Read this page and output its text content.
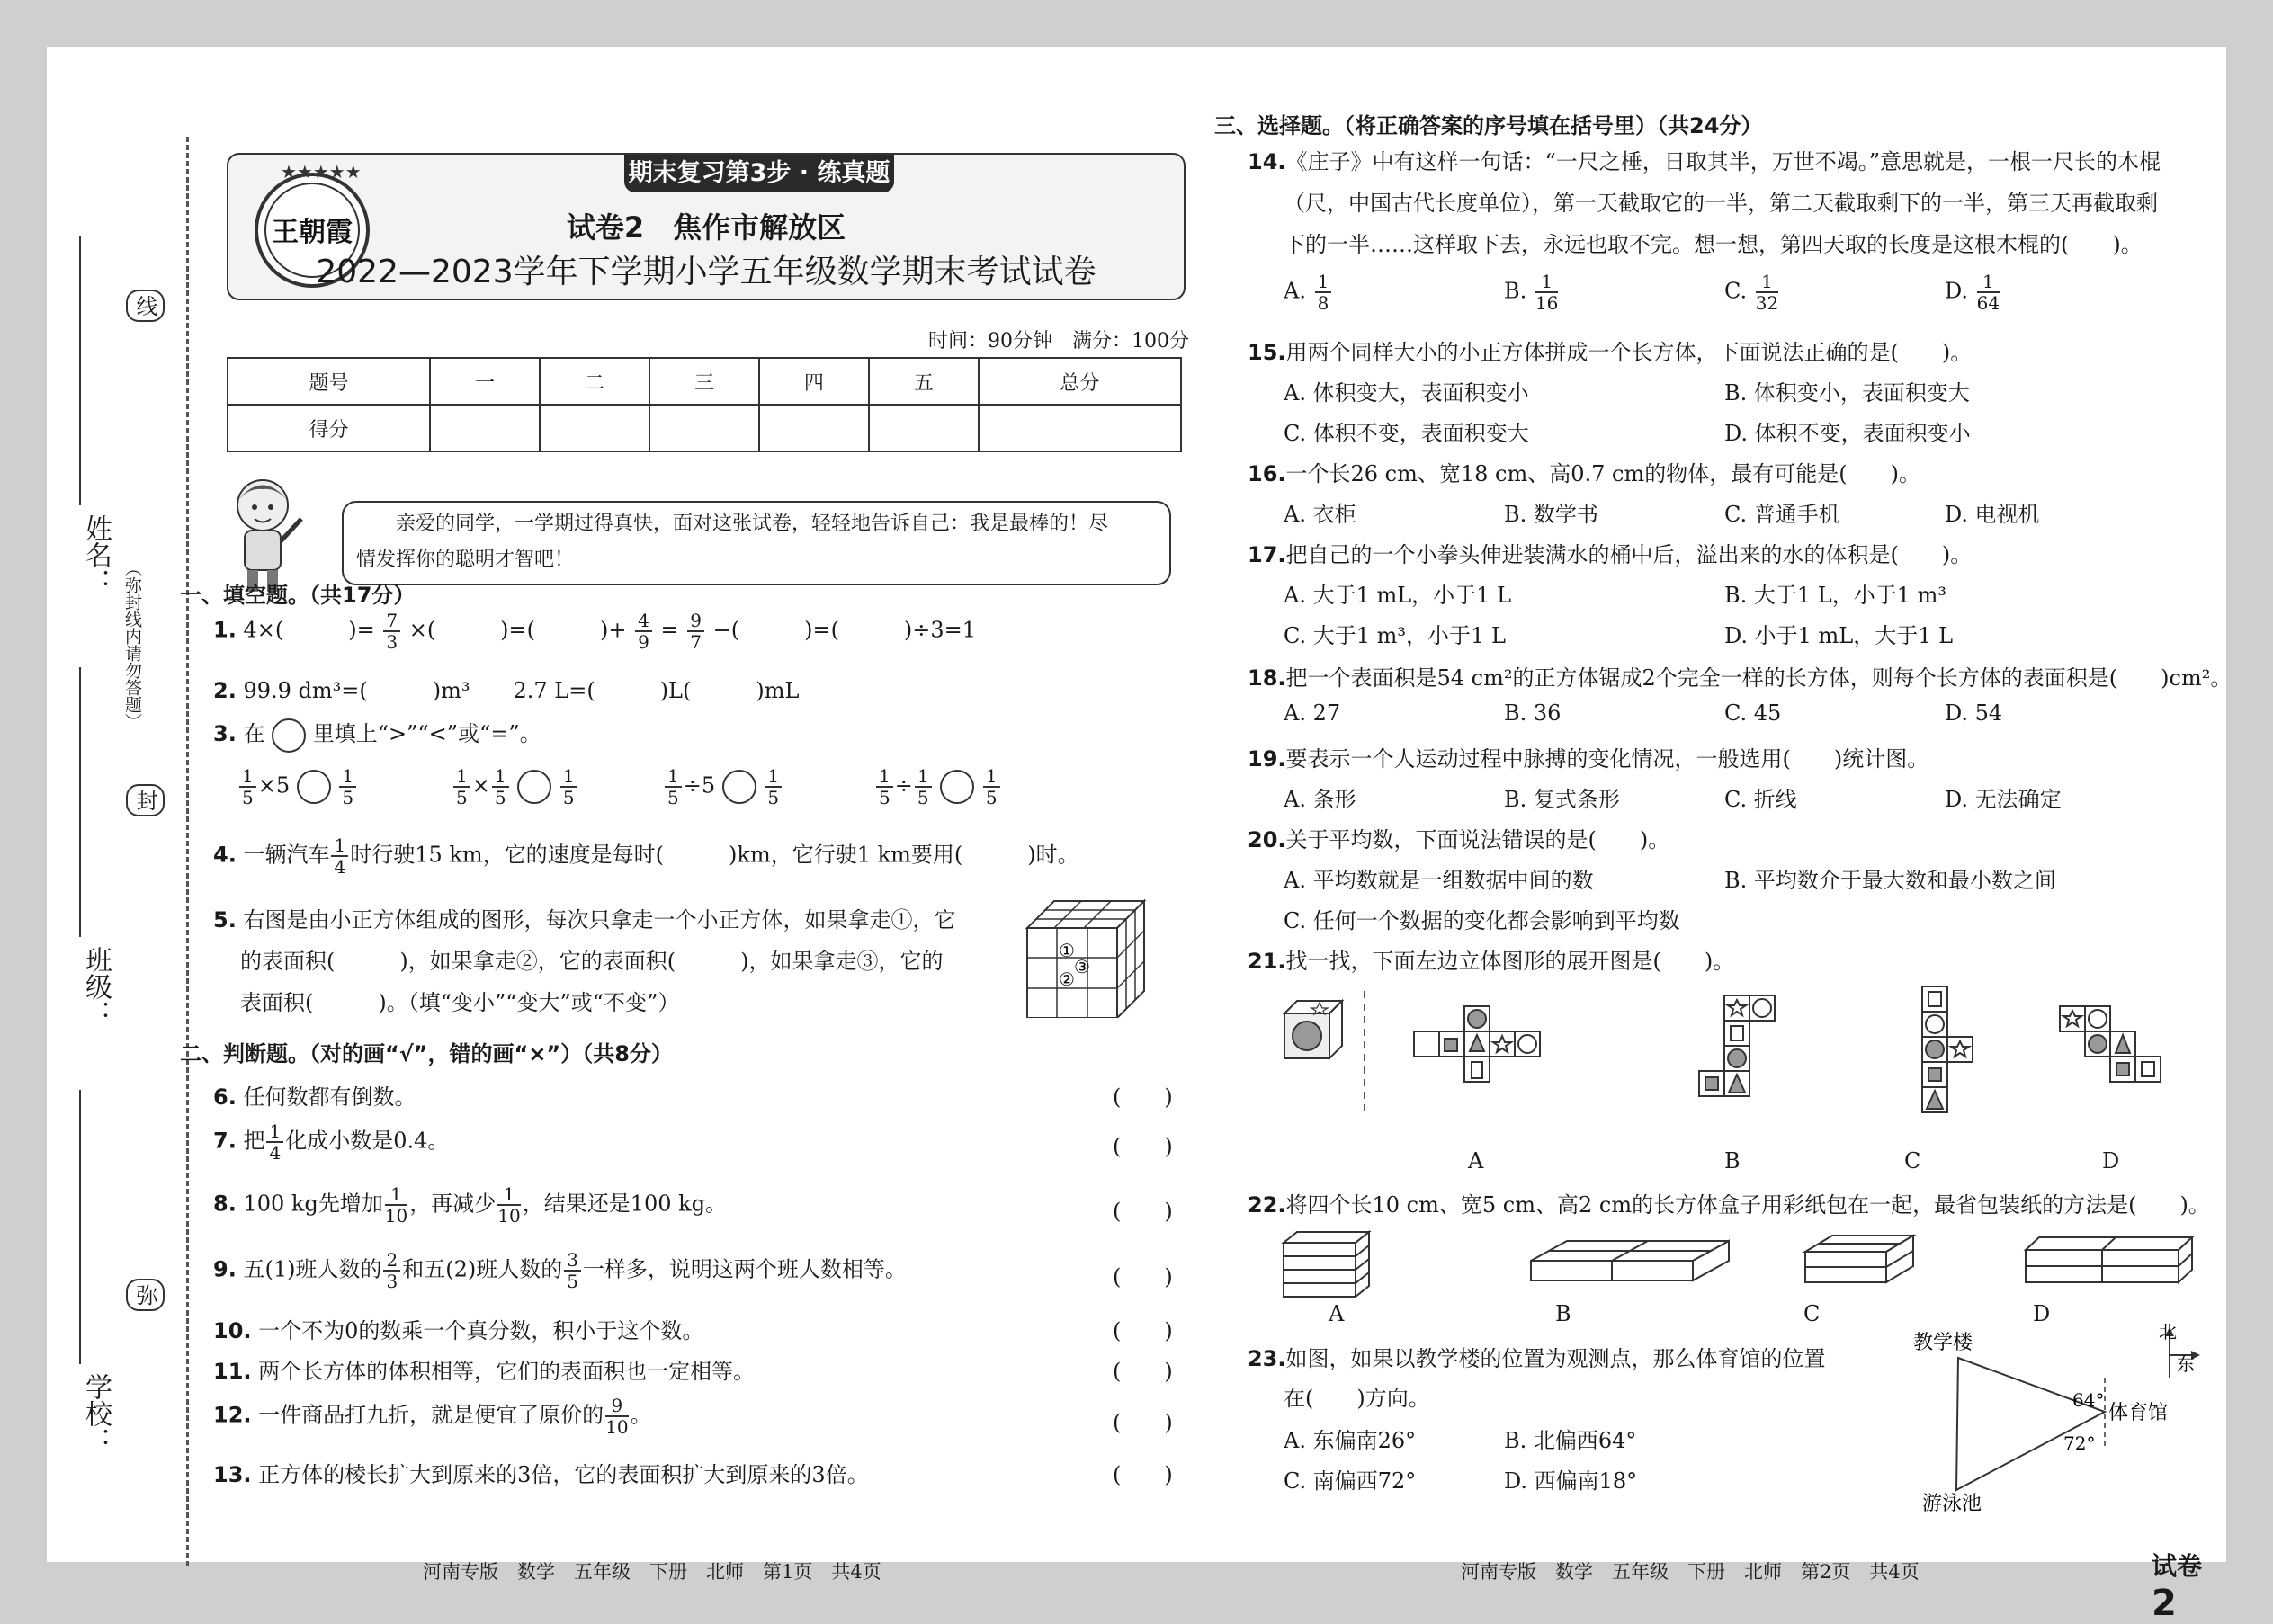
线
封
弥
（弥封线内请勿答题）
姓名：
班级：
学校：
★★★★★
王朝霞
期末复习第3步 · 练真题
试卷2　焦作市解放区
2022—2023学年下学期小学五年级数学期末考试试卷
时间：90分钟　满分：100分
题号	一	二	三	四	五	总分
得分						
亲爱的同学，一学期过得真快，面对这张试卷，轻轻地告诉自己：我是最棒的！尽
情发挥你的聪明才智吧！
一、填空题。（共17分）
1. 4×(　　　)= $\frac{7}{3}$ ×(　　　)=(　　　)+ $\frac{4}{9} = \frac{9}{7}$ −(　　　)=(　　　)÷3=1
2. 99.9 dm³=(　　　)m³　　2.7 L=(　　　)L(　　　)mL
3. 在 里填上“>”“<”或“=”。
$\frac{1}{5} \times 5$	$\frac{1}{5}$	$\frac{1}{5} \times \frac{1}{5}$
	$\frac{1}{5}$	$\frac{1}{5} \div 5$	$\frac{1}{5}$	$\frac{1}{5} \div \frac{1}{5}$
	$\frac{1}{5}$
4. 一辆汽车 $\frac{1}{4}$ 时行驶15 km，它的速度是每时(　　　)km，它行驶1 km要用(　　　)时。
5. 右图是由小正方体组成的图形，每次只拿走一个小正方体，如果拿走①，它
的表面积(　　　)，如果拿走②，它的表面积(　　　)，如果拿走③，它的
表面积(　　　)。（填“变小”“变大”或“不变”）
①
②
③
二、判断题。（对的画“√”，错的画“×”）（共8分）
6. 任何数都有倒数。	(　　)
7. 把 $\frac{1}{4}$ 化成小数是0.4。	(　　)
8. 100 kg先增加 $\frac{1}{10}$ ，再减少 $\frac{1}{10}$ ，结果还是100 kg。	(　　)
9. 五(1)班人数的 $\frac{2}{3}$ 和五(2)班人数的 $\frac{3}{5}$ 一样多，说明这两个班人数相等。	(　　)
10. 一个不为0的数乘一个真分数，积小于这个数。	(　　)
11. 两个长方体的体积相等，它们的表面积也一定相等。	(　　)
12. 一件商品打九折，就是便宜了原价的 $\frac{9}{10}$ 。	(　　)
13. 正方体的棱长扩大到原来的3倍，它的表面积扩大到原来的3倍。	(　　)
河南专版　数学　五年级　下册　北师　第1页　共4页
三、选择题。（将正确答案的序号填在括号里）（共24分）
14.《庄子》中有这样一句话：“一尺之棰，日取其半，万世不竭。”意思就是，一根一尺长的木棍
（尺，中国古代长度单位），第一天截取它的一半，第二天截取剩下的一半，第三天再截取剩
下的一半……这样取下去，永远也取不完。想一想，第四天取的长度是这根木棍的(　　)。
A. $\frac{1}{8}$	B. $\frac{1}{16}$	C. $\frac{1}{32}$	D. $\frac{1}{64}$
15.用两个同样大小的小正方体拼成一个长方体，下面说法正确的是(　　)。
A. 体积变大，表面积变小	B. 体积变小，表面积变大
C. 体积不变，表面积变大	D. 体积不变，表面积变小
16.一个长26 cm、宽18 cm、高0.7 cm的物体，最有可能是(　　)。
A. 衣柜	B. 数学书	C. 普通手机	D. 电视机
17.把自己的一个小拳头伸进装满水的桶中后，溢出来的水的体积是(　　)。
A. 大于1 mL，小于1 L	B. 大于1 L，小于1 m³
C. 大于1 m³，小于1 L	D. 小于1 mL，大于1 L
18.把一个表面积是54 cm²的正方体锯成2个完全一样的长方体，则每个长方体的表面积是(　　)cm²。
A. 27	B. 36	C. 45	D. 54
19.要表示一个人运动过程中脉搏的变化情况，一般选用(　　)统计图。
A. 条形	B. 复式条形	C. 折线	D. 无法确定
20.关于平均数，下面说法错误的是(　　)。
A. 平均数就是一组数据中间的数	B. 平均数介于最大数和最小数之间
C. 任何一个数据的变化都会影响到平均数
21.找一找，下面左边立体图形的展开图是(　　)。
A	B	C	D
22.将四个长10 cm、宽5 cm、高2 cm的长方体盒子用彩纸包在一起，最省包装纸的方法是(　　)。
A	B	C	D
23.如图，如果以教学楼的位置为观测点，那么体育馆的位置
在(　　)方向。
A. 东偏南26°	B. 北偏西64°
C. 南偏西72°	D. 西偏南18°
教学楼
体育馆
游泳池
北
东
64°
72°
河南专版　数学　五年级　下册　北师　第2页　共4页	试卷 2
